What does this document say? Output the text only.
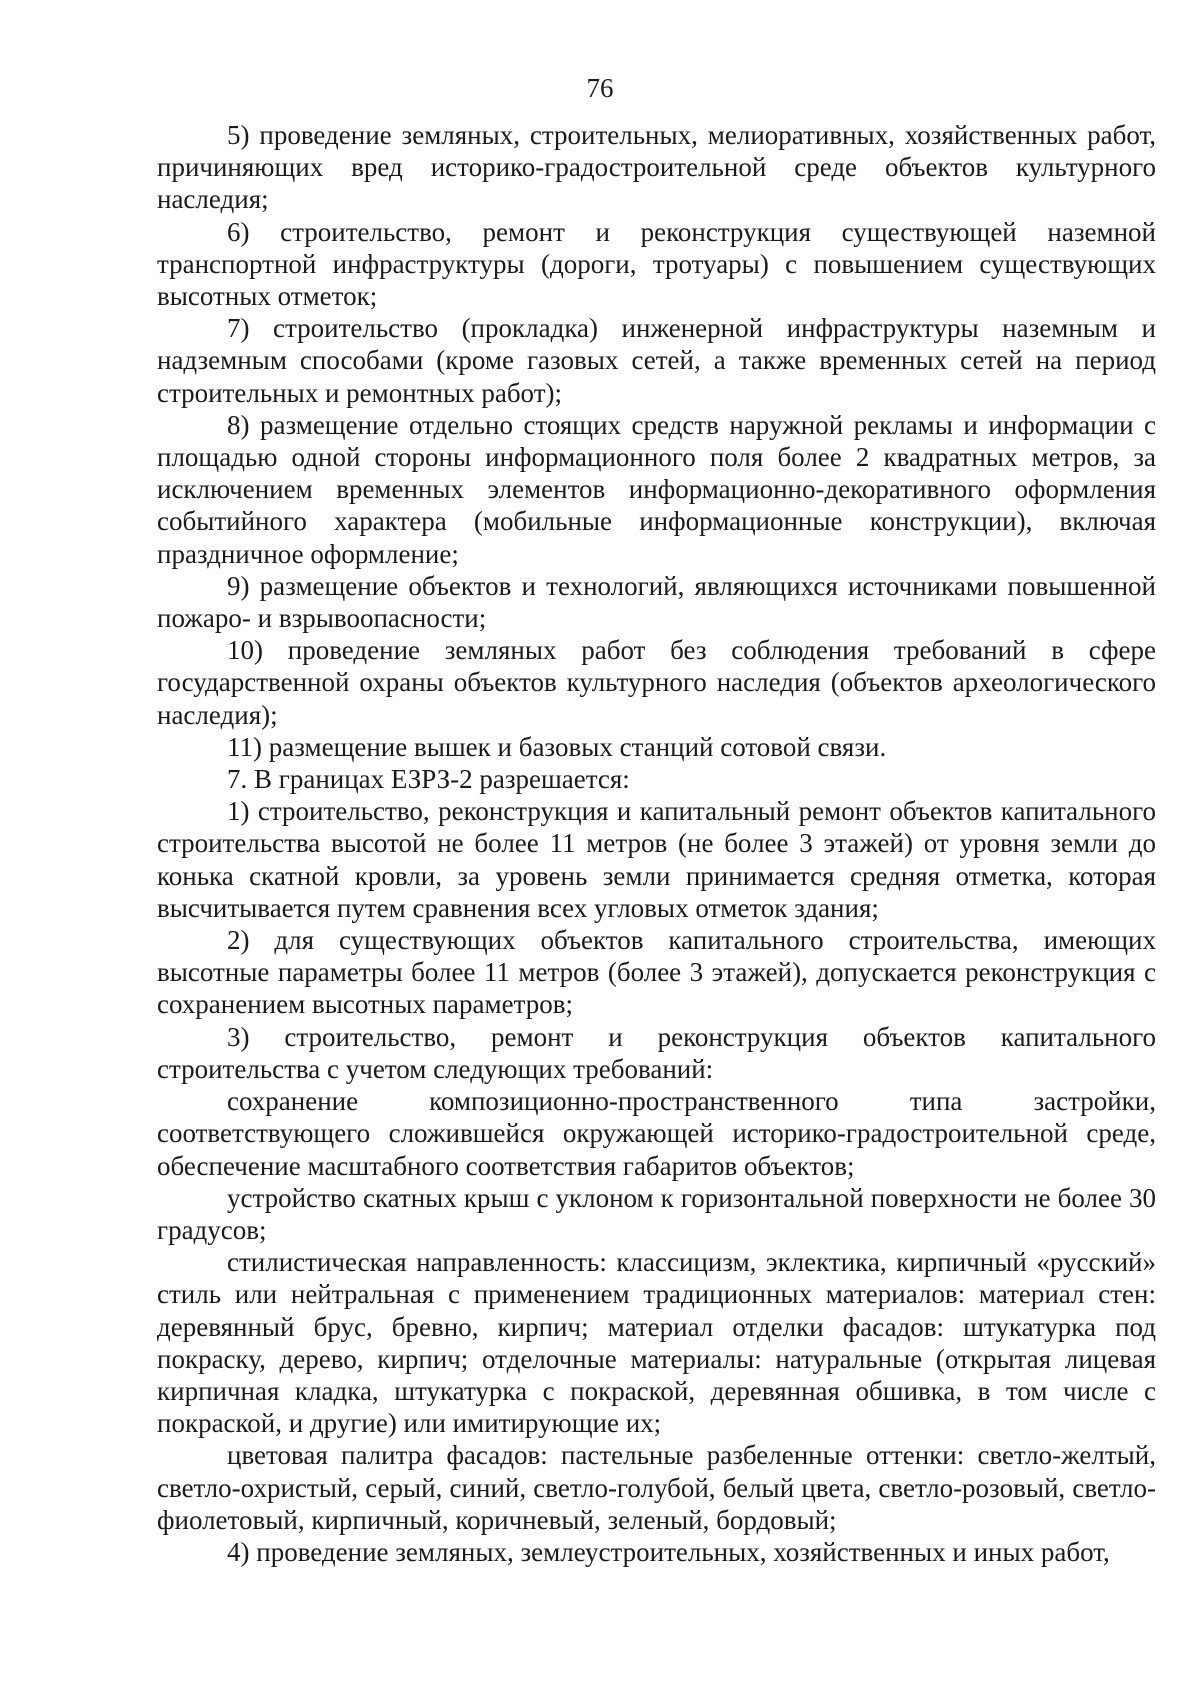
76

5) проведение земляных, строительных, мелиоративных, хозяйственных работ, причиняющих вред историко-градостроительной среде объектов культурного наследия;

6) строительство, ремонт и реконструкция существующей наземной транспортной инфраструктуры (дороги, тротуары) с повышением существующих высотных отметок;

7) строительство (прокладка) инженерной инфраструктуры наземным и надземным способами (кроме газовых сетей, а также временных сетей на период строительных и ремонтных работ);

8) размещение отдельно стоящих средств наружной рекламы и информации с площадью одной стороны информационного поля более 2 квадратных метров, за исключением временных элементов информационно-декоративного оформления событийного характера (мобильные информационные конструкции), включая праздничное оформление;

9) размещение объектов и технологий, являющихся источниками повышенной пожаро- и взрывоопасности;

10) проведение земляных работ без соблюдения требований в сфере государственной охраны объектов культурного наследия (объектов археологического наследия);

11) размещение вышек и базовых станций сотовой связи.

7. В границах ЕЗРЗ-2 разрешается:

1) строительство, реконструкция и капитальный ремонт объектов капитального строительства высотой не более 11 метров (не более 3 этажей) от уровня земли до конька скатной кровли, за уровень земли принимается средняя отметка, которая высчитывается путем сравнения всех угловых отметок здания;

2) для существующих объектов капитального строительства, имеющих высотные параметры более 11 метров (более 3 этажей), допускается реконструкция с сохранением высотных параметров;

3) строительство, ремонт и реконструкция объектов капитального строительства с учетом следующих требований:

сохранение композиционно-пространственного типа застройки, соответствующего сложившейся окружающей историко-градостроительной среде, обеспечение масштабного соответствия габаритов объектов;

устройство скатных крыш с уклоном к горизонтальной поверхности не более 30 градусов;

стилистическая направленность: классицизм, эклектика, кирпичный «русский» стиль или нейтральная с применением традиционных материалов: материал стен: деревянный брус, бревно, кирпич; материал отделки фасадов: штукатурка под покраску, дерево, кирпич; отделочные материалы: натуральные (открытая лицевая кирпичная кладка, штукатурка с покраской, деревянная обшивка, в том числе с покраской, и другие) или имитирующие их;

цветовая палитра фасадов: пастельные разбеленные оттенки: светло-желтый, светло-охристый, серый, синий, светло-голубой, белый цвета, светло-розовый, светло-фиолетовый, кирпичный, коричневый, зеленый, бордовый;

4) проведение земляных, землеустроительных, хозяйственных и иных работ,
